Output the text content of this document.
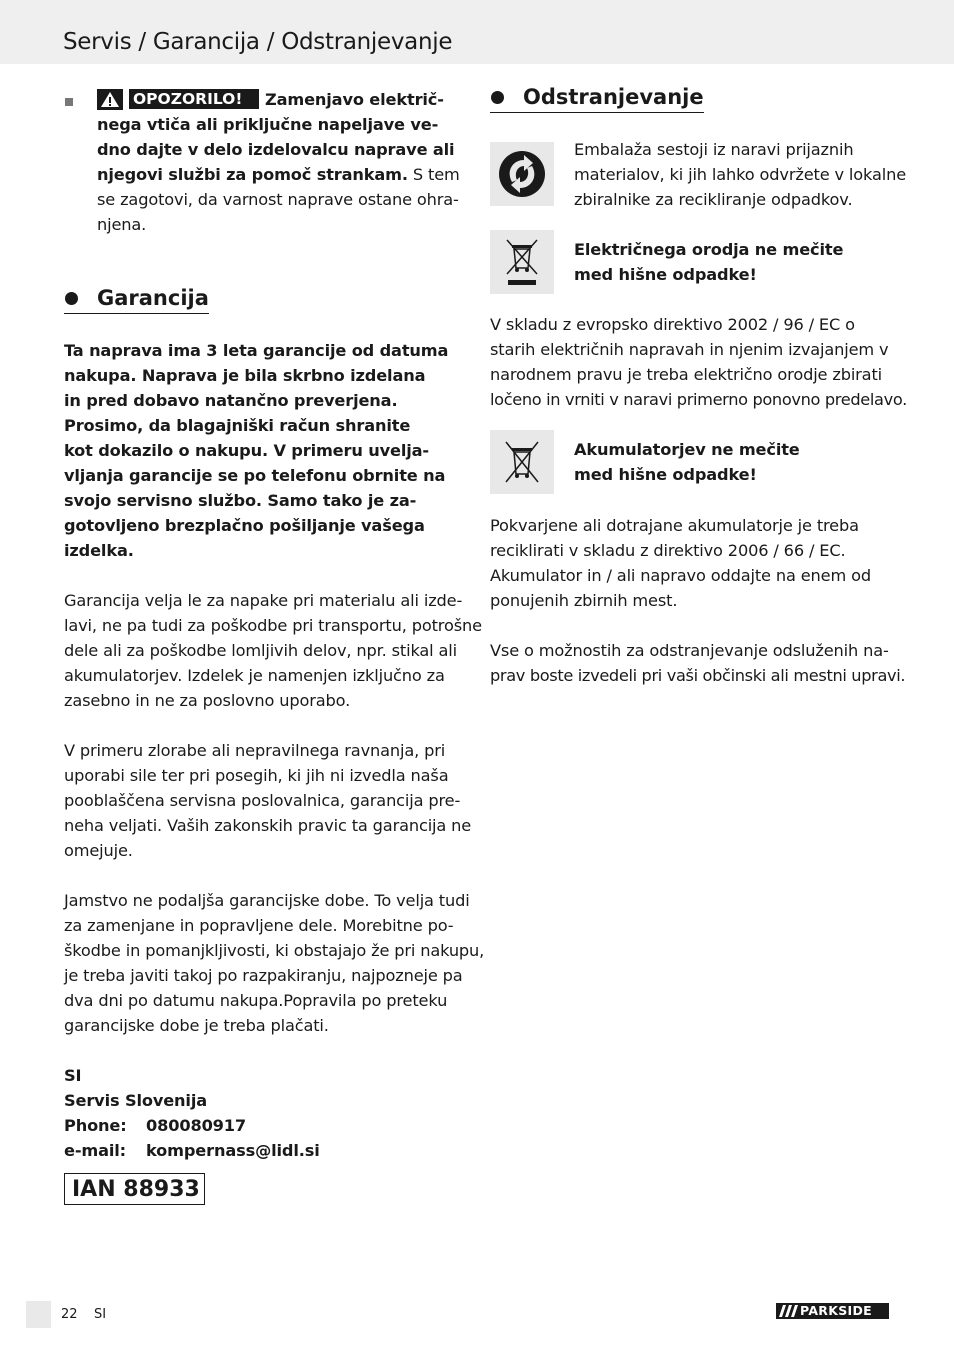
Servis / Garancija / Odstranjevanje
OPOZORILO!	Zamenjavo električ-
nega vtiča ali priključne napeljave ve-
dno dajte v delo izdelovalcu naprave ali
njegovi službi za pomoč strankam. S tem
se zagotovi, da varnost naprave ostane ohra-
njena.
Garancija
Ta naprava ima 3 leta garancije od datuma
nakupa. Naprava je bila skrbno izdelana
in pred dobavo natančno preverjena.
Prosimo, da blagajniški račun shranite
kot dokazilo o nakupu. V primeru uvelja-
vljanja garancije se po telefonu obrnite na
svojo servisno službo. Samo tako je za-
gotovljeno brezplačno pošiljanje vašega
izdelka.
Garancija velja le za napake pri materialu ali izde-
lavi, ne pa tudi za poškodbe pri transportu, potrošne
dele ali za poškodbe lomljivih delov, npr. stikal ali
akumulatorjev. Izdelek je namenjen izključno za
zasebno in ne za poslovno uporabo.
V primeru zlorabe ali nepravilnega ravnanja, pri
uporabi sile ter pri posegih, ki jih ni izvedla naša
pooblaščena servisna poslovalnica, garancija pre-
neha veljati. Vaših zakonskih pravic ta garancija ne
omejuje.
Jamstvo ne podaljša garancijske dobe. To velja tudi
za zamenjane in popravljene dele. Morebitne po-
škodbe in pomanjkljivosti, ki obstajajo že pri nakupu,
je treba javiti takoj po razpakiranju, najpozneje pa
dva dni po datumu nakupa.Popravila po preteku
garancijske dobe je treba plačati.
SI
Servis Slovenija
Phone: 080080917
e-mail: kompernass@lidl.si
IAN 88933
Odstranjevanje
Embalaža sestoji iz naravi prijaznih
materialov, ki jih lahko odvržete v lokalne
zbiralnike za recikliranje odpadkov.
Električnega orodja ne mečite
med hišne odpadke!
V skladu z evropsko direktivo 2002 / 96 / EC o
starih električnih napravah in njenim izvajanjem v
narodnem pravu je treba električno orodje zbirati
ločeno in vrniti v naravi primerno ponovno predelavo.
Akumulatorjev ne mečite
med hišne odpadke!
Pokvarjene ali dotrajane akumulatorje je treba
reciklirati v skladu z direktivo 2006 / 66 / EC.
Akumulator in / ali napravo oddajte na enem od
ponujenih zbirnih mest.
Vse o možnostih za odstranjevanje odsluženih na-
prav boste izvedeli pri vaši občinski ali mestni upravi.
22 SI	PARKSIDE
